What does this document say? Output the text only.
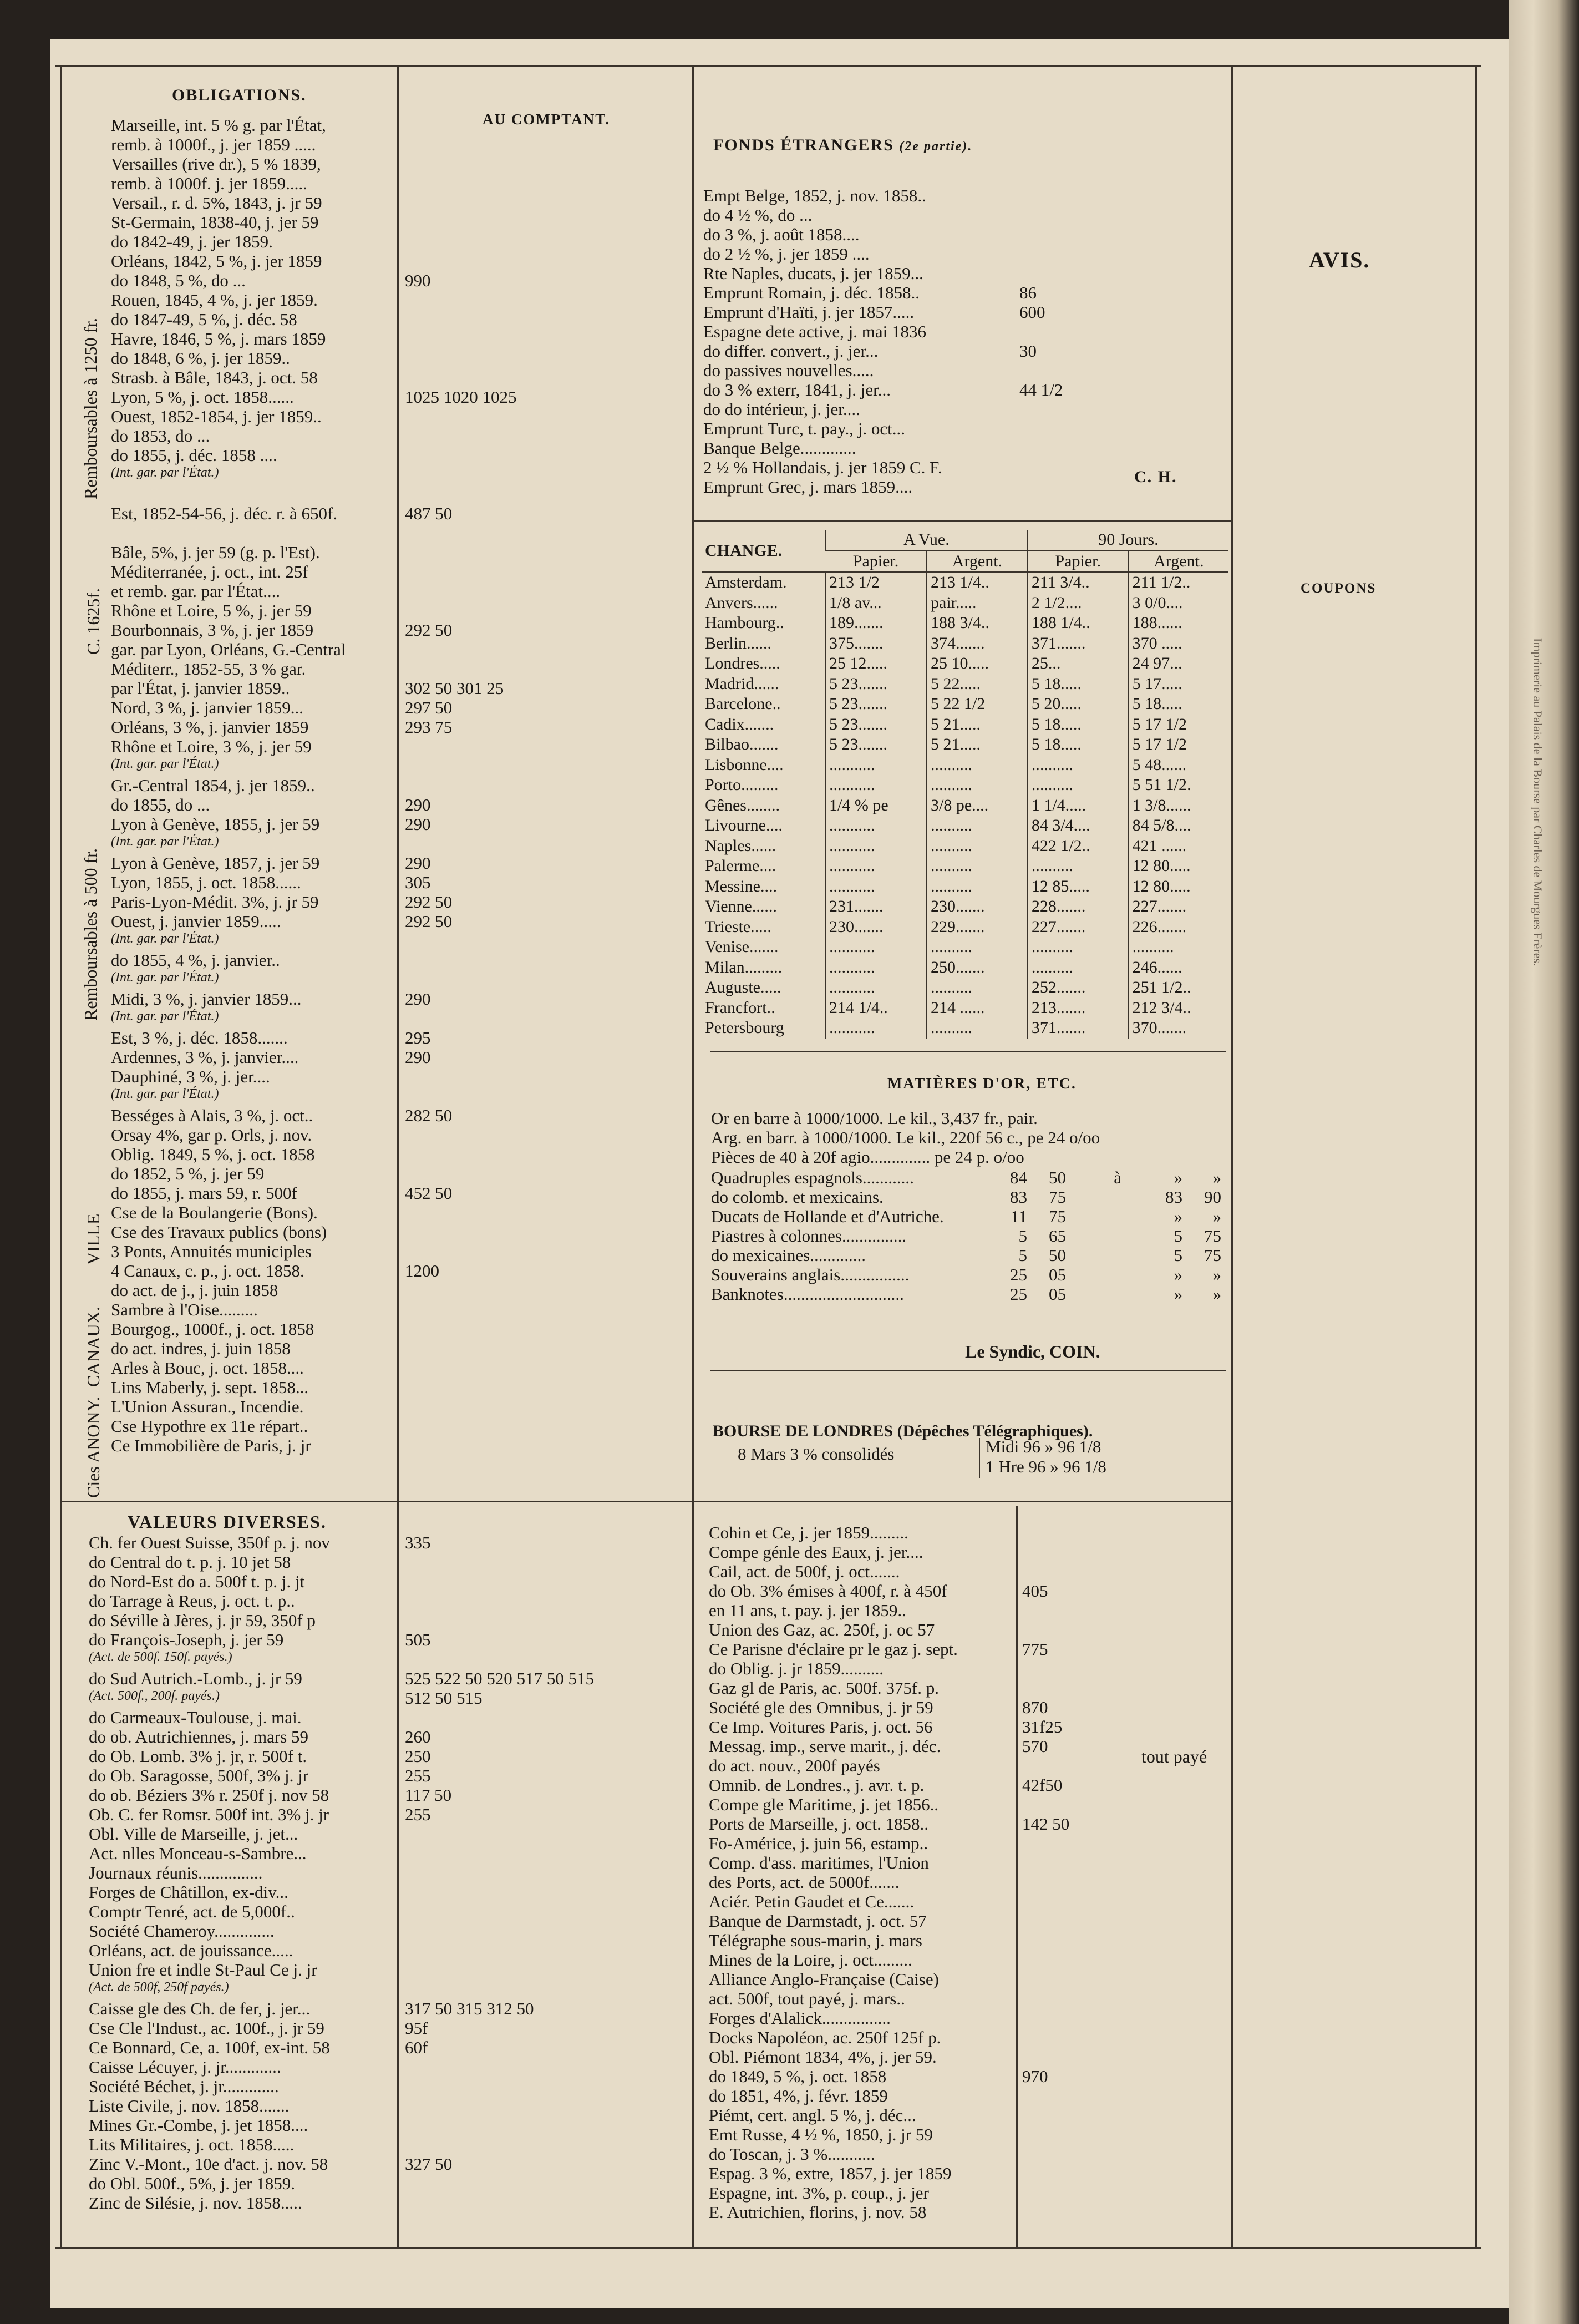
Imprimerie au Palais de la Bourse par Charles de Mourgues Frères.
OBLIGATIONS.
AU COMPTANT.
FONDS ÉTRANGERS (2e partie).
AVIS.
C. H.
COUPONS
tout payé
Remboursables à 1250 fr.
C. 1625f.
Remboursables à 500 fr.
VILLE
CANAUX.
Cies ANONY.
Marseille, int. 5 % g. par l'État,
remb. à 1000f., j. jer 1859 .....
Versailles (rive dr.), 5 % 1839,
remb. à 1000f. j. jer 1859.....
Versail., r. d. 5%, 1843, j. jr 59
St-Germain, 1838-40, j. jer 59
do 1842-49, j. jer 1859.
Orléans, 1842, 5 %, j. jer 1859
do 1848, 5 %, do ...	990
Rouen, 1845, 4 %, j. jer 1859.
do 1847-49, 5 %, j. déc. 58
Havre, 1846, 5 %, j. mars 1859
do 1848, 6 %, j. jer 1859..
Strasb. à Bâle, 1843, j. oct. 58
Lyon, 5 %, j. oct. 1858......	1025 1020 1025
Ouest, 1852-1854, j. jer 1859..
do 1853, do ...
do 1855, j. déc. 1858 ....
(Int. gar. par l'État.)
Est, 1852-54-56, j. déc. r. à 650f.	487 50
Bâle, 5%, j. jer 59 (g. p. l'Est).
Méditerranée, j. oct., int. 25f
et remb. gar. par l'État....
Rhône et Loire, 5 %, j. jer 59
Bourbonnais, 3 %, j. jer 1859	292 50
gar. par Lyon, Orléans, G.-Central
Méditerr., 1852-55, 3 % gar.
par l'État, j. janvier 1859..	302 50 301 25
Nord, 3 %, j. janvier 1859...	297 50
Orléans, 3 %, j. janvier 1859	293 75
Rhône et Loire, 3 %, j. jer 59
(Int. gar. par l'État.)
Gr.-Central 1854, j. jer 1859..
do 1855, do ...	290
Lyon à Genève, 1855, j. jer 59	290
(Int. gar. par l'État.)
Lyon à Genève, 1857, j. jer 59	290
Lyon, 1855, j. oct. 1858......	305
Paris-Lyon-Médit. 3%, j. jr 59	292 50
Ouest, j. janvier 1859.....	292 50
(Int. gar. par l'État.)
do 1855, 4 %, j. janvier..
(Int. gar. par l'État.)
Midi, 3 %, j. janvier 1859...	290
(Int. gar. par l'État.)
Est, 3 %, j. déc. 1858.......	295
Ardennes, 3 %, j. janvier....	290
Dauphiné, 3 %, j. jer....
(Int. gar. par l'État.)
Bességes à Alais, 3 %, j. oct..	282 50
Orsay 4%, gar p. Orls, j. nov.
Oblig. 1849, 5 %, j. oct. 1858
do 1852, 5 %, j. jer 59
do 1855, j. mars 59, r. 500f	452 50
Cse de la Boulangerie (Bons).
Cse des Travaux publics (bons)
3 Ponts, Annuités municiples
4 Canaux, c. p., j. oct. 1858.	1200
do act. de j., j. juin 1858
Sambre à l'Oise.........
Bourgog., 1000f., j. oct. 1858
do act. indres, j. juin 1858
Arles à Bouc, j. oct. 1858....
Lins Maberly, j. sept. 1858...
L'Union Assuran., Incendie.
Cse Hypothre ex 11e répart..
Ce Immobilière de Paris, j. jr
Empt Belge, 1852, j. nov. 1858..
do 4 ½ %, do ...
do 3 %, j. août 1858....
do 2 ½ %, j. jer 1859 ....
Rte Naples, ducats, j. jer 1859...
Emprunt Romain, j. déc. 1858..	86
Emprunt d'Haïti, j. jer 1857.....	600
Espagne dete active, j. mai 1836
do differ. convert., j. jer...	30
do passives nouvelles.....
do 3 % exterr, 1841, j. jer...	44 1/2
do do intérieur, j. jer....
Emprunt Turc, t. pay., j. oct...
Banque Belge.............
2 ½ % Hollandais, j. jer 1859 C. F.
Emprunt Grec, j. mars 1859....
CHANGE.	A Vue.		90 Jours.	
	Papier.	Argent.	Papier.	Argent.
Amsterdam.	213 1/2	213 1/4..	211 3/4..	211 1/2..
Anvers......	1/8 av...	pair.....	2 1/2....	3 0/0....
Hambourg..	189.......	188 3/4..	188 1/4..	188......
Berlin......	375.......	374.......	371.......	370 .....
Londres.....	25 12.....	25 10.....	25...	24 97...
Madrid......	5 23.......	5 22.....	5 18.....	5 17.....
Barcelone..	5 23.......	5 22 1/2	5 20.....	5 18.....
Cadix.......	5 23.......	5 21.....	5 18.....	5 17 1/2
Bilbao.......	5 23.......	5 21.....	5 18.....	5 17 1/2
Lisbonne....	...........	..........	..........	5 48......
Porto.........	...........	..........	..........	5 51 1/2.
Gênes........	1/4 % pe	3/8 pe....	1 1/4.....	1 3/8......
Livourne....	...........	..........	84 3/4....	84 5/8....
Naples......	...........	..........	422 1/2..	421 ......
Palerme....	...........	..........	..........	12 80.....
Messine....	...........	..........	12 85.....	12 80.....
Vienne......	231.......	230.......	228.......	227.......
Trieste.....	230.......	229.......	227.......	226.......
Venise.......	...........	..........	..........	..........
Milan.........	...........	250.......	..........	246......
Auguste.....	...........	..........	252.......	251 1/2..
Francfort..	214 1/4..	214 ......	213.......	212 3/4..
Petersbourg	...........	..........	371.......	370.......
MATIÈRES D'OR, ETC.
Or en barre à 1000/1000. Le kil., 3,437 fr., pair.
Arg. en barr. à 1000/1000. Le kil., 220f 56 c., pe 24 o/oo
Pièces de 40 à 20f agio.............. pe 24 p. o/oo
Quadruples espagnols............	84	50	à	»	»
do colomb. et mexicains.	83	75	83	90
Ducats de Hollande et d'Autriche.	11	75	»	»
Piastres à colonnes...............	5	65	5	75
do mexicaines.............	5	50	5	75
Souverains anglais................	25	05	»	»
Banknotes............................	25	05	»	»
Le Syndic, COIN.
BOURSE DE LONDRES (Dépêches Télégraphiques).
8 Mars 3 % consolidés	Midi 96 » 96 1/8
1 Hre 96 » 96 1/8
VALEURS DIVERSES.
Ch. fer Ouest Suisse, 350f p. j. nov	335
do Central do t. p. j. 10 jet 58
do Nord-Est do a. 500f t. p. j. jt
do Tarrage à Reus, j. oct. t. p..
do Séville à Jères, j. jr 59, 350f p
do François-Joseph, j. jer 59	505
(Act. de 500f. 150f. payés.)
do Sud Autrich.-Lomb., j. jr 59	525 522 50 520 517 50 515
(Act. 500f., 200f. payés.)	512 50 515
do Carmeaux-Toulouse, j. mai.
do ob. Autrichiennes, j. mars 59	260
do Ob. Lomb. 3% j. jr, r. 500f t.	250
do Ob. Saragosse, 500f, 3% j. jr	255
do ob. Béziers 3% r. 250f j. nov 58	117 50
Ob. C. fer Romsr. 500f int. 3% j. jr	255
Obl. Ville de Marseille, j. jet...
Act. nlles Monceau-s-Sambre...
Journaux réunis...............
Forges de Châtillon, ex-div...
Comptr Tenré, act. de 5,000f..
Société Chameroy..............
Orléans, act. de jouissance.....
Union fre et indle St-Paul Ce j. jr
(Act. de 500f, 250f payés.)
Caisse gle des Ch. de fer, j. jer...	317 50 315 312 50
Cse Cle l'Indust., ac. 100f., j. jr 59	95f
Ce Bonnard, Ce, a. 100f, ex-int. 58	60f
Caisse Lécuyer, j. jr.............
Société Béchet, j. jr.............
Liste Civile, j. nov. 1858.......
Mines Gr.-Combe, j. jet 1858....
Lits Militaires, j. oct. 1858.....
Zinc V.-Mont., 10e d'act. j. nov. 58	327 50
do Obl. 500f., 5%, j. jer 1859.
Zinc de Silésie, j. nov. 1858.....
Cohin et Ce, j. jer 1859.........
Compe génle des Eaux, j. jer....
Cail, act. de 500f, j. oct.......
do Ob. 3% émises à 400f, r. à 450f	405
en 11 ans, t. pay. j. jer 1859..
Union des Gaz, ac. 250f, j. oc 57
Ce Parisne d'éclaire pr le gaz j. sept.	775
do Oblig. j. jr 1859..........
Gaz gl de Paris, ac. 500f. 375f. p.
Société gle des Omnibus, j. jr 59	870
Ce Imp. Voitures Paris, j. oct. 56	31f25
Messag. imp., serve marit., j. déc.	570
do act. nouv., 200f payés
Omnib. de Londres., j. avr. t. p.	42f50
Compe gle Maritime, j. jet 1856..
Ports de Marseille, j. oct. 1858..	142 50
Fo-Américe, j. juin 56, estamp..
Comp. d'ass. maritimes, l'Union
des Ports, act. de 5000f.......
Aciér. Petin Gaudet et Ce.......
Banque de Darmstadt, j. oct. 57
Télégraphe sous-marin, j. mars
Mines de la Loire, j. oct.........
Alliance Anglo-Française (Caise)
act. 500f, tout payé, j. mars..
Forges d'Alalick................
Docks Napoléon, ac. 250f 125f p.
Obl. Piémont 1834, 4%, j. jer 59.
do 1849, 5 %, j. oct. 1858	970
do 1851, 4%, j. févr. 1859
Piémt, cert. angl. 5 %, j. déc...
Emt Russe, 4 ½ %, 1850, j. jr 59
do Toscan, j. 3 %...........
Espag. 3 %, extre, 1857, j. jer 1859
Espagne, int. 3%, p. coup., j. jer
E. Autrichien, florins, j. nov. 58
